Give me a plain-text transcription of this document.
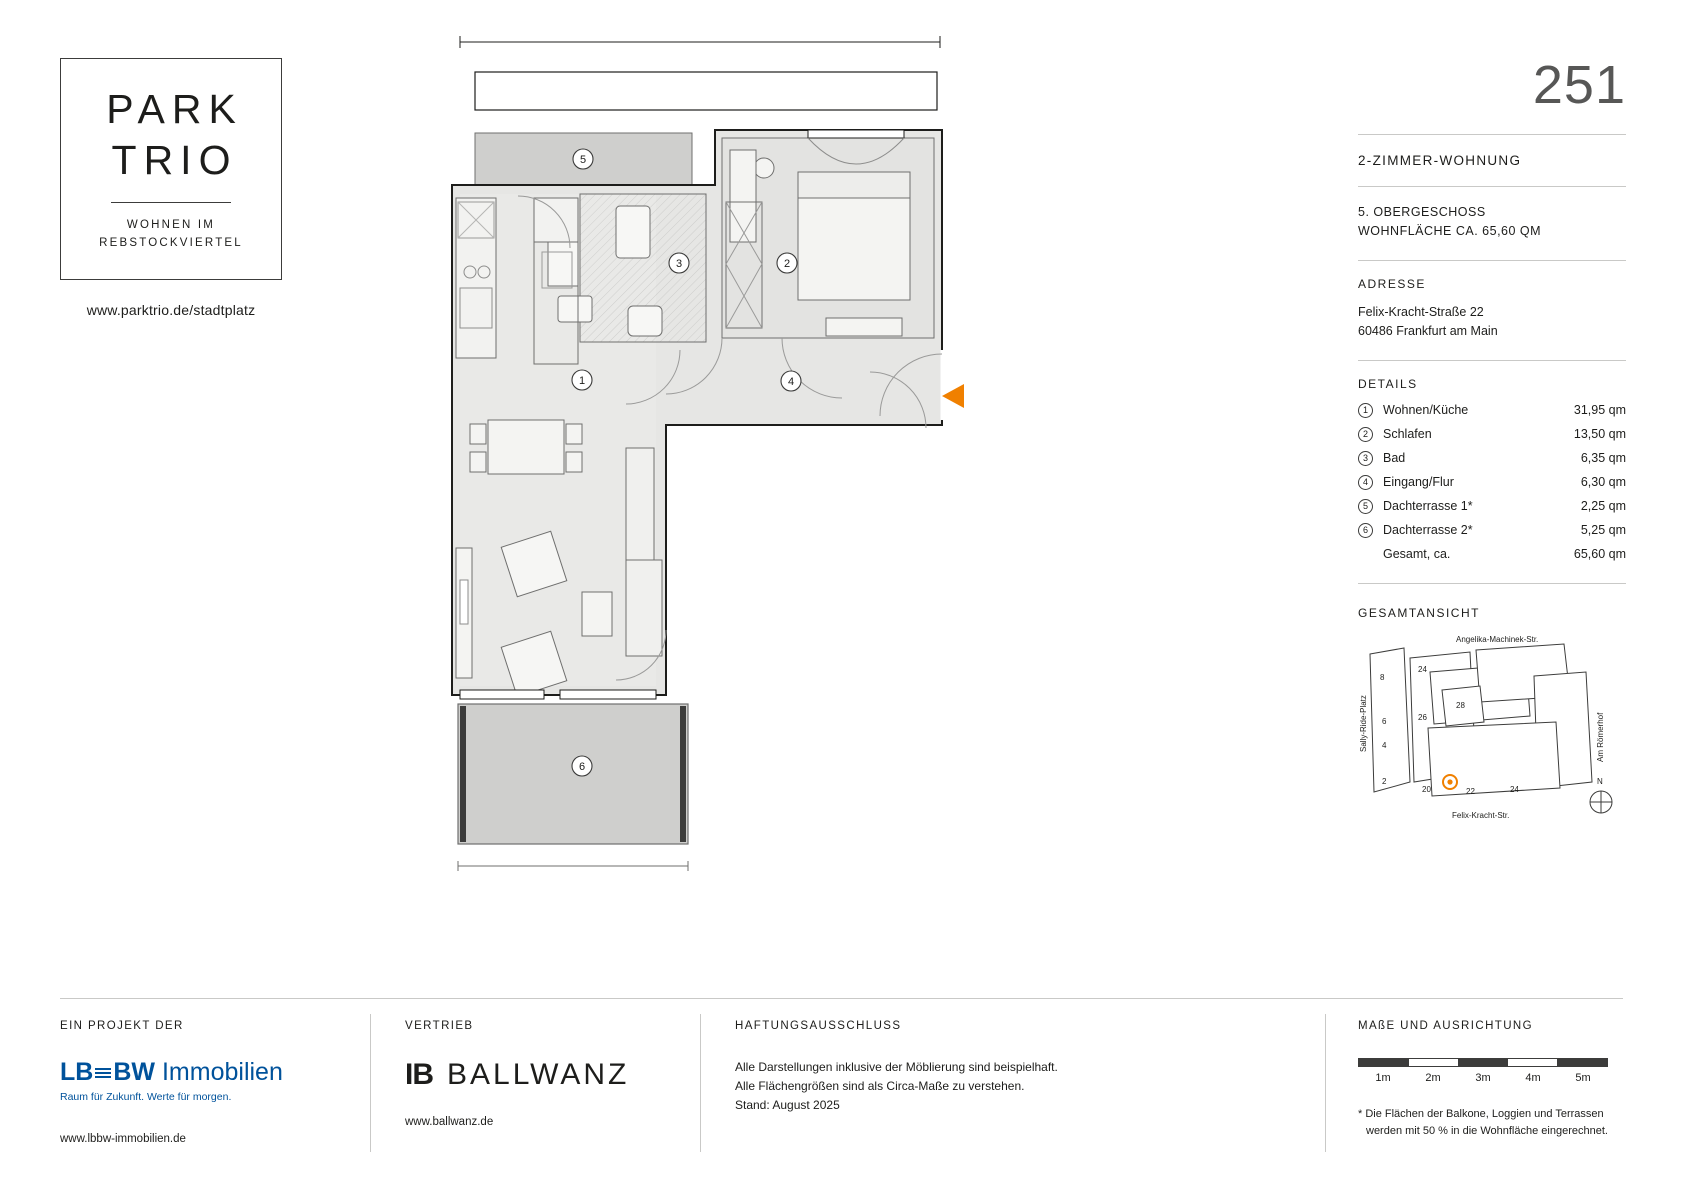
PARK
TRIO
WOHNEN IM
REBSTOCKVIERTEL
www.parktrio.de/stadtplatz
5
3	2
1	4
6
251
2-ZIMMER-WOHNUNG
5. OBERGESCHOSS
WOHNFLÄCHE CA. 65,60 QM
ADRESSE
Felix-Kracht-Straße 22
60486 Frankfurt am Main
DETAILS
1	Wohnen/Küche	31,95 qm
2	Schlafen	13,50 qm
3	Bad	6,35 qm
4	Eingang/Flur	6,30 qm
5	Dachterrasse 1*	2,25 qm
6	Dachterrasse 2*	5,25 qm
Gesamt, ca.	65,60 qm
GESAMTANSICHT
8
6
4
2
24
26
28
20	22	24
Angelika-Machinek-Str.
Felix-Kracht-Str.
Sally-Ride-Platz	Am Römerhof
N
EIN PROJEKT DER
LB BW Immobilien
Raum für Zukunft. Werte für morgen.
www.lbbw-immobilien.de
VERTRIEB
IB BALLWANZ
www.ballwanz.de
HAFTUNGSAUSSCHLUSS
Alle Darstellungen inklusive der Möblierung sind beispielhaft.
Alle Flächengrößen sind als Circa-Maße zu verstehen.
Stand: August 2025
MAßE UND AUSRICHTUNG
1m	2m	3m	4m	5m
* Die Flächen der Balkone, Loggien und Terrassen
werden mit 50 % in die Wohnfläche eingerechnet.
